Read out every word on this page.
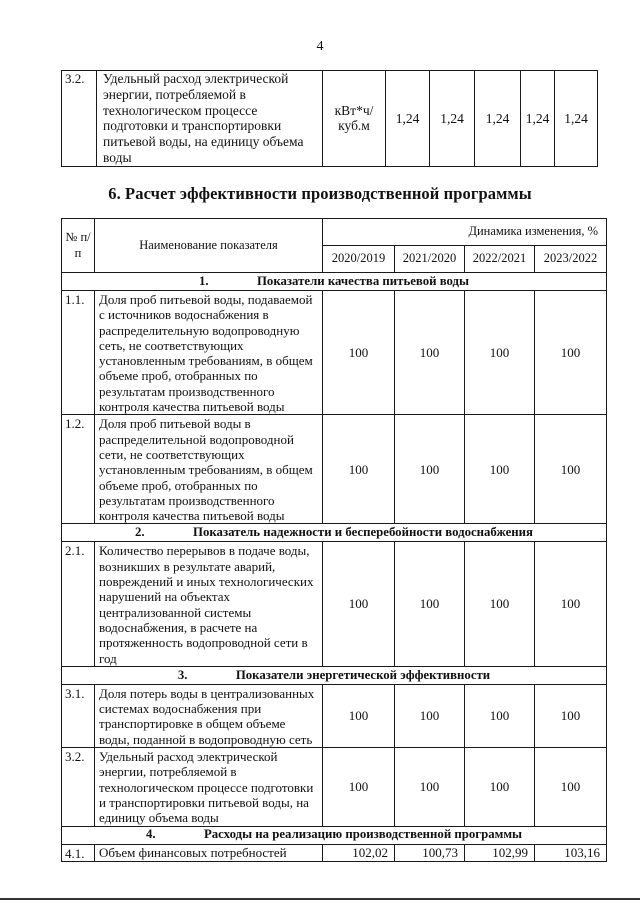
4
3.2.	Удельный расход электрической энергии, потребляемой в технологическом процессе подготовки и транспортировки питьевой воды, на единицу объема воды	кВт*ч/ куб.м	1,24	1,24	1,24	1,24	1,24
6. Расчет эффективности производственной программы
№ п/п	Наименование показателя	Динамика изменения, %			
		2020/2019	2021/2020	2022/2021	2023/2022
1. Показатели качества питьевой воды					
1.1.	Доля проб питьевой воды, подаваемой с источников водоснабжения в распределительную водопроводную сеть, не соответствующих установленным требованиям, в общем объеме проб, отобранных по результатам производственного контроля качества питьевой воды	100	100	100	100
1.2.	Доля проб питьевой воды в распределительной водопроводной сети, не соответствующих установленным требованиям, в общем объеме проб, отобранных по результатам производственного контроля качества питьевой воды	100	100	100	100
2. Показатель надежности и бесперебойности водоснабжения					
2.1.	Количество перерывов в подаче воды, возникших в результате аварий, повреждений и иных технологических нарушений на объектах централизованной системы водоснабжения, в расчете на протяженность водопроводной сети в год	100	100	100	100
3. Показатели энергетической эффективности					
3.1.	Доля потерь воды в централизованных системах водоснабжения при транспортировке в общем объеме воды, поданной в водопроводную сеть	100	100	100	100
3.2.	Удельный расход электрической энергии, потребляемой в технологическом процессе подготовки и транспортировки питьевой воды, на единицу объема воды	100	100	100	100
4. Расходы на реализацию производственной программы					
4.1.	Объем финансовых потребностей	102,02	100,73	102,99	103,16
